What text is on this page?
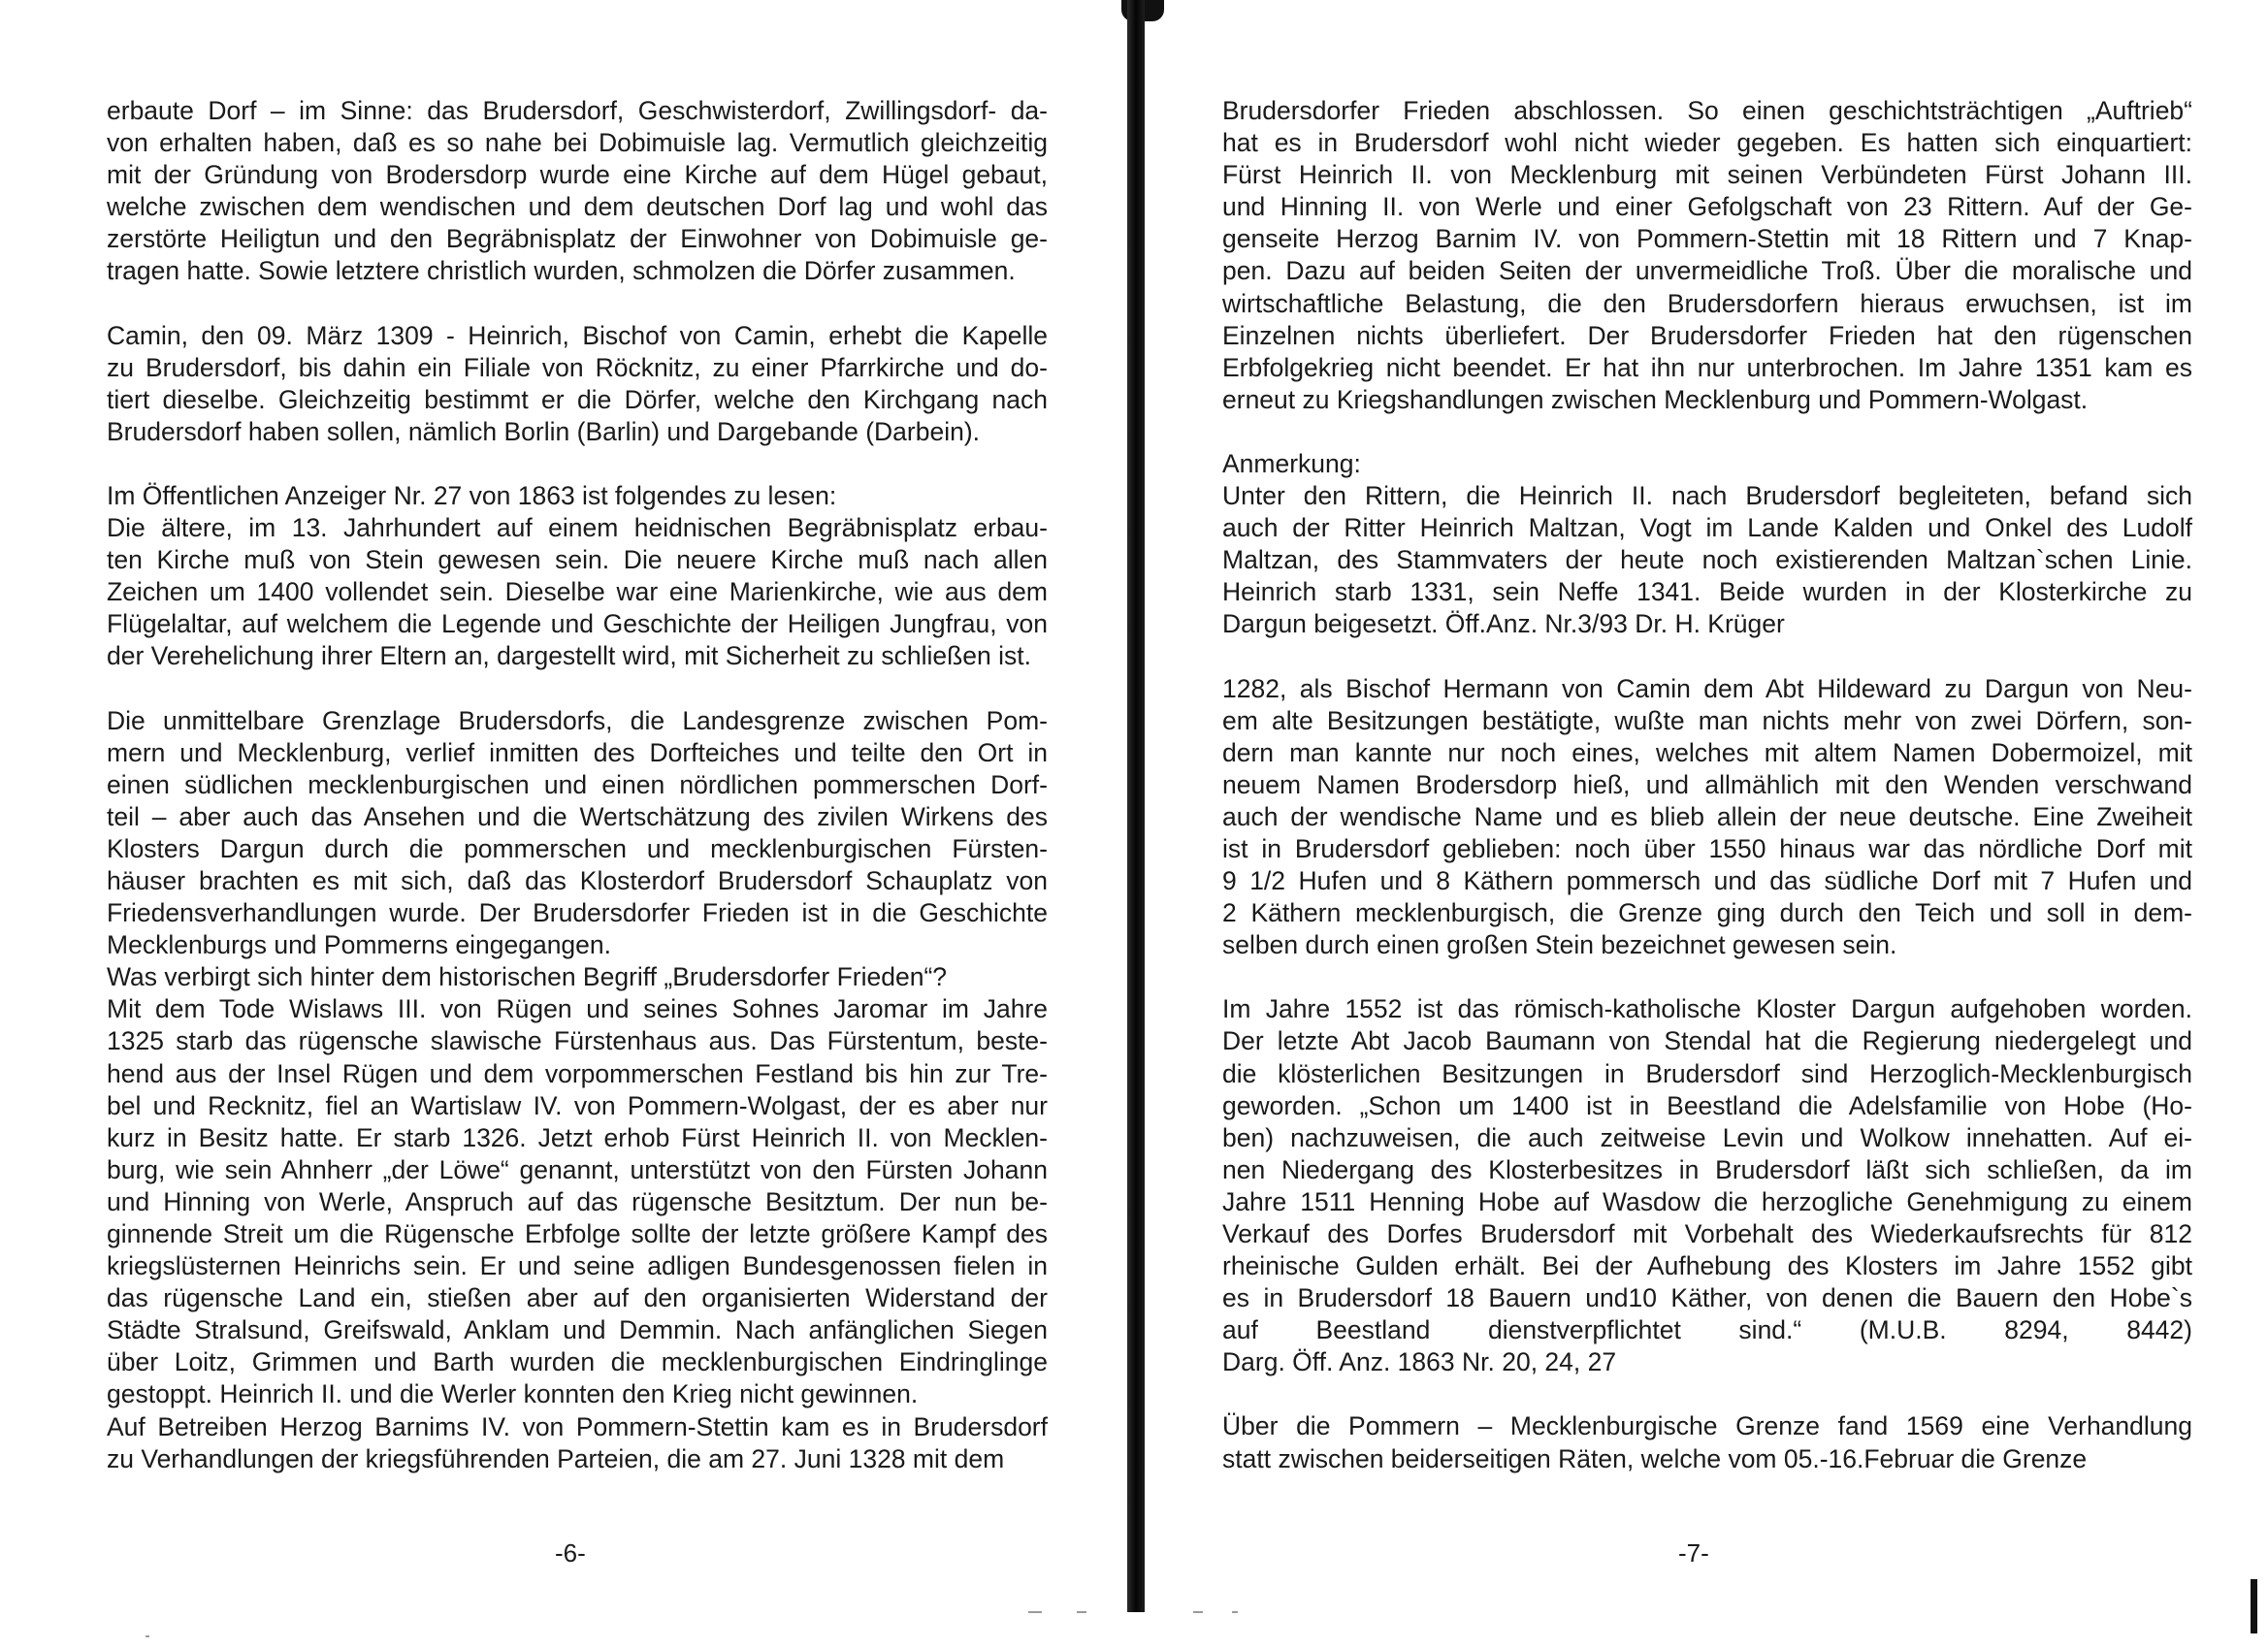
erbaute Dorf – im Sinne: das Brudersdorf, Geschwisterdorf, Zwillingsdorf- da-
von erhalten haben, daß es so nahe bei Dobimuisle lag. Vermutlich gleichzeitig
mit der Gründung von Brodersdorp wurde eine Kirche auf dem Hügel gebaut,
welche zwischen dem wendischen und dem deutschen Dorf lag und wohl das
zerstörte Heiligtun und den Begräbnisplatz der Einwohner von Dobimuisle ge-
tragen hatte. Sowie letztere christlich wurden, schmolzen die Dörfer zusammen.
Camin, den 09. März 1309 - Heinrich, Bischof von Camin, erhebt die Kapelle
zu Brudersdorf, bis dahin ein Filiale von Röcknitz, zu einer Pfarrkirche und do-
tiert dieselbe. Gleichzeitig bestimmt er die Dörfer, welche den Kirchgang nach
Brudersdorf haben sollen, nämlich Borlin (Barlin) und Dargebande (Darbein).
Im Öffentlichen Anzeiger Nr. 27 von 1863 ist folgendes zu lesen:
Die ältere, im 13. Jahrhundert auf einem heidnischen Begräbnisplatz erbau-
ten Kirche muß von Stein gewesen sein. Die neuere Kirche muß nach allen
Zeichen um 1400 vollendet sein. Dieselbe war eine Marienkirche, wie aus dem
Flügelaltar, auf welchem die Legende und Geschichte der Heiligen Jungfrau, von
der Verehelichung ihrer Eltern an, dargestellt wird, mit Sicherheit zu schließen ist.
Die unmittelbare Grenzlage Brudersdorfs, die Landesgrenze zwischen Pom-
mern und Mecklenburg, verlief inmitten des Dorfteiches und teilte den Ort in
einen südlichen mecklenburgischen und einen nördlichen pommerschen Dorf-
teil – aber auch das Ansehen und die Wertschätzung des zivilen Wirkens des
Klosters Dargun durch die pommerschen und mecklenburgischen Fürsten-
häuser brachten es mit sich, daß das Klosterdorf Brudersdorf Schauplatz von
Friedensverhandlungen wurde. Der Brudersdorfer Frieden ist in die Geschichte
Mecklenburgs und Pommerns eingegangen.
Was verbirgt sich hinter dem historischen Begriff „Brudersdorfer Frieden“?
Mit dem Tode Wislaws III. von Rügen und seines Sohnes Jaromar im Jahre
1325 starb das rügensche slawische Fürstenhaus aus. Das Fürstentum, beste-
hend aus der Insel Rügen und dem vorpommerschen Festland bis hin zur Tre-
bel und Recknitz, fiel an Wartislaw IV. von Pommern-Wolgast, der es aber nur
kurz in Besitz hatte. Er starb 1326. Jetzt erhob Fürst Heinrich II. von Mecklen-
burg, wie sein Ahnherr „der Löwe“ genannt, unterstützt von den Fürsten Johann
und Hinning von Werle, Anspruch auf das rügensche Besitztum. Der nun be-
ginnende Streit um die Rügensche Erbfolge sollte der letzte größere Kampf des
kriegslüsternen Heinrichs sein. Er und seine adligen Bundesgenossen fielen in
das rügensche Land ein, stießen aber auf den organisierten Widerstand der
Städte Stralsund, Greifswald, Anklam und Demmin. Nach anfänglichen Siegen
über Loitz, Grimmen und Barth wurden die mecklenburgischen Eindringlinge
gestoppt. Heinrich II. und die Werler konnten den Krieg nicht gewinnen.
Auf Betreiben Herzog Barnims IV. von Pommern-Stettin kam es in Brudersdorf
zu Verhandlungen der kriegsführenden Parteien, die am 27. Juni 1328 mit dem
-6-
Brudersdorfer Frieden abschlossen. So einen geschichtsträchtigen „Auftrieb“
hat es in Brudersdorf wohl nicht wieder gegeben. Es hatten sich einquartiert:
Fürst Heinrich II. von Mecklenburg mit seinen Verbündeten Fürst Johann III.
und Hinning II. von Werle und einer Gefolgschaft von 23 Rittern. Auf der Ge-
genseite Herzog Barnim IV. von Pommern-Stettin mit 18 Rittern und 7 Knap-
pen. Dazu auf beiden Seiten der unvermeidliche Troß. Über die moralische und
wirtschaftliche Belastung, die den Brudersdorfern hieraus erwuchsen, ist im
Einzelnen nichts überliefert. Der Brudersdorfer Frieden hat den rügenschen
Erbfolgekrieg nicht beendet. Er hat ihn nur unterbrochen. Im Jahre 1351 kam es
erneut zu Kriegshandlungen zwischen Mecklenburg und Pommern-Wolgast.
Anmerkung:
Unter den Rittern, die Heinrich II. nach Brudersdorf begleiteten, befand sich
auch der Ritter Heinrich Maltzan, Vogt im Lande Kalden und Onkel des Ludolf
Maltzan, des Stammvaters der heute noch existierenden Maltzan`schen Linie.
Heinrich starb 1331, sein Neffe 1341. Beide wurden in der Klosterkirche zu
Dargun beigesetzt. Öff.Anz. Nr.3/93 Dr. H. Krüger
1282, als Bischof Hermann von Camin dem Abt Hildeward zu Dargun von Neu-
em alte Besitzungen bestätigte, wußte man nichts mehr von zwei Dörfern, son-
dern man kannte nur noch eines, welches mit altem Namen Dobermoizel, mit
neuem Namen Brodersdorp hieß, und allmählich mit den Wenden verschwand
auch der wendische Name und es blieb allein der neue deutsche. Eine Zweiheit
ist in Brudersdorf geblieben: noch über 1550 hinaus war das nördliche Dorf mit
9 1/2 Hufen und 8 Käthern pommersch und das südliche Dorf mit 7 Hufen und
2 Käthern mecklenburgisch, die Grenze ging durch den Teich und soll in dem-
selben durch einen großen Stein bezeichnet gewesen sein.
Im Jahre 1552 ist das römisch-katholische Kloster Dargun aufgehoben worden.
Der letzte Abt Jacob Baumann von Stendal hat die Regierung niedergelegt und
die klösterlichen Besitzungen in Brudersdorf sind Herzoglich-Mecklenburgisch
geworden. „Schon um 1400 ist in Beestland die Adelsfamilie von Hobe (Ho-
ben) nachzuweisen, die auch zeitweise Levin und Wolkow innehatten. Auf ei-
nen Niedergang des Klosterbesitzes in Brudersdorf läßt sich schließen, da im
Jahre 1511 Henning Hobe auf Wasdow die herzogliche Genehmigung zu einem
Verkauf des Dorfes Brudersdorf mit Vorbehalt des Wiederkaufsrechts für 812
rheinische Gulden erhält. Bei der Aufhebung des Klosters im Jahre 1552 gibt
es in Brudersdorf 18 Bauern und10 Käther, von denen die Bauern den Hobe`s
auf Beestland dienstverpflichtet sind.“ (M.U.B. 8294, 8442)
Darg. Öff. Anz. 1863 Nr. 20, 24, 27
Über die Pommern – Mecklenburgische Grenze fand 1569 eine Verhandlung
statt zwischen beiderseitigen Räten, welche vom 05.-16.Februar die Grenze
-7-
